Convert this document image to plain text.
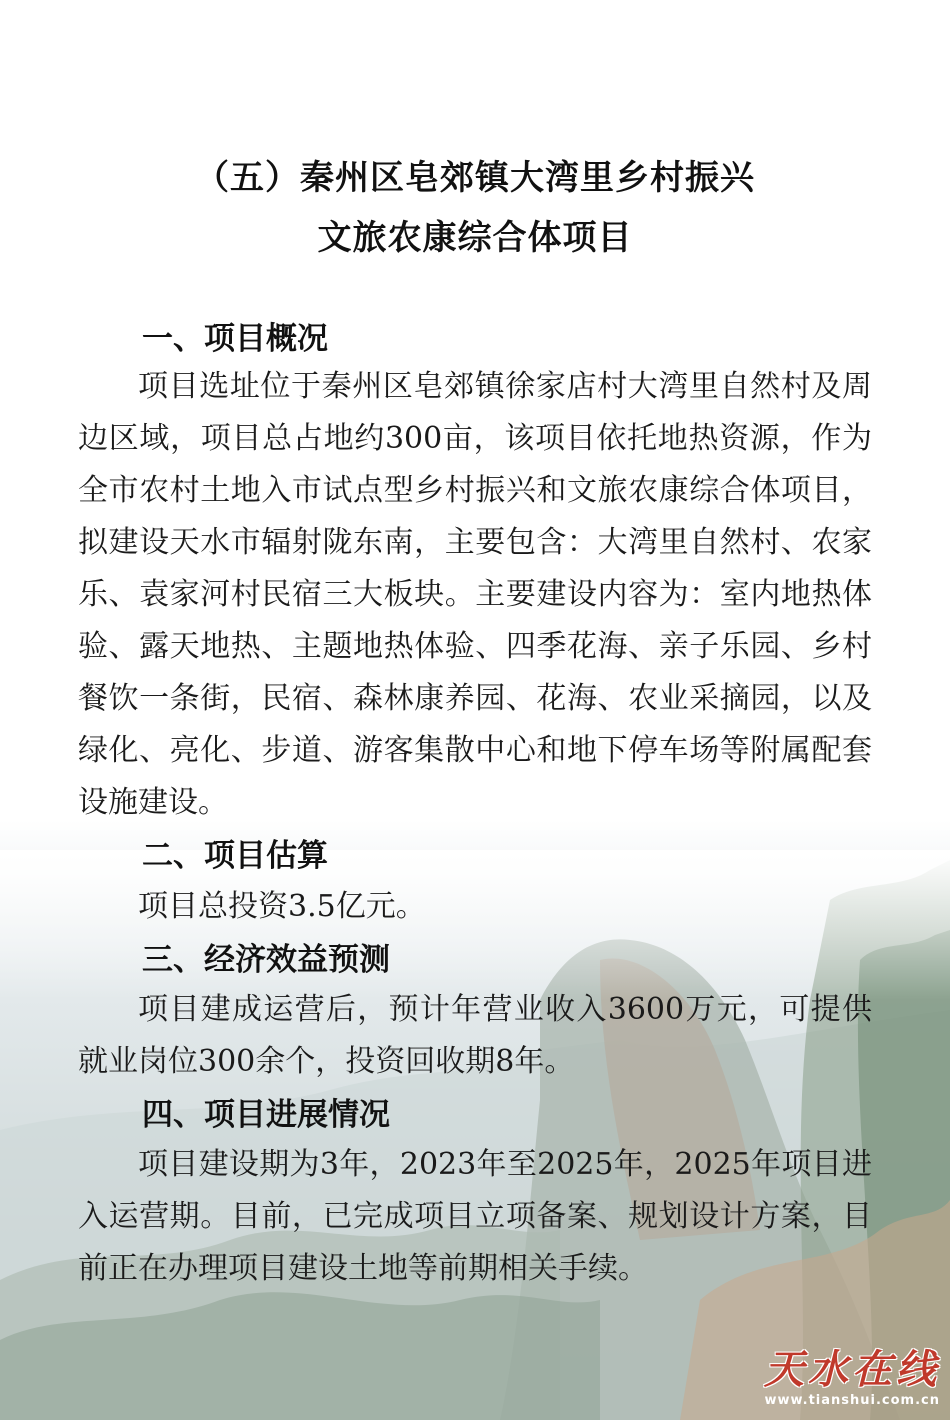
（五）秦州区皂郊镇大湾里乡村振兴
文旅农康综合体项目
一、项目概况
项目选址位于秦州区皂郊镇徐家店村大湾里自然村及周边区域，项目总占地约300亩，该项目依托地热资源，作为全市农村土地入市试点型乡村振兴和文旅农康综合体项目，拟建设天水市辐射陇东南，主要包含：大湾里自然村、农家乐、袁家河村民宿三大板块。主要建设内容为：室内地热体验、露天地热、主题地热体验、四季花海、亲子乐园、乡村餐饮一条街，民宿、森林康养园、花海、农业采摘园，以及绿化、亮化、步道、游客集散中心和地下停车场等附属配套设施建设。
二、项目估算
项目总投资3.5亿元。
三、经济效益预测
项目建成运营后，预计年营业收入3600万元，可提供就业岗位300余个，投资回收期8年。
四、项目进展情况
项目建设期为3年，2023年至2025年，2025年项目进入运营期。目前，已完成项目立项备案、规划设计方案，目前正在办理项目建设土地等前期相关手续。
天水在线
www.tianshui.com.cn
